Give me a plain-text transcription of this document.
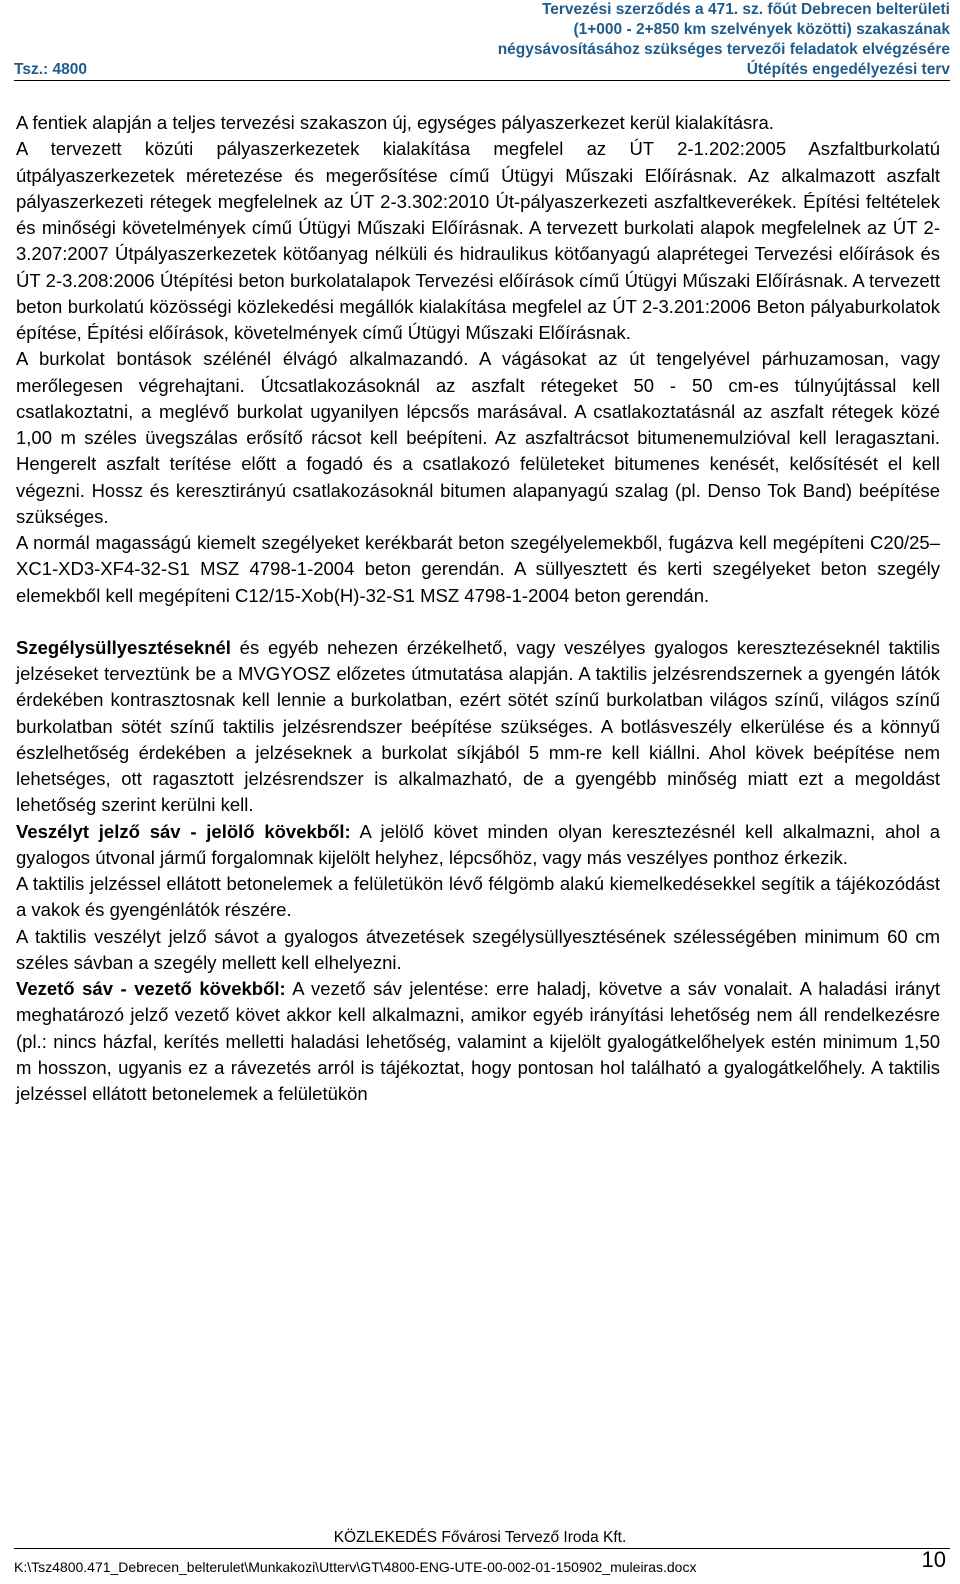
Tervezési szerződés a 471. sz. főút Debrecen belterületi
(1+000 - 2+850 km szelvények közötti) szakaszának
négysávosításához szükséges tervezői feladatok elvégzésére
Útépítés engedélyezési terv
Tsz.: 4800

A fentiek alapján a teljes tervezési szakaszon új, egységes pályaszerkezet kerül kialakításra.

A tervezett közúti pályaszerkezetek kialakítása megfelel az ÚT 2-1.202:2005 Aszfaltburkolatú útpályaszerkezetek méretezése és megerősítése című Útügyi Műszaki Előírásnak. Az alkalmazott aszfalt pályaszerkezeti rétegek megfelelnek az ÚT 2-3.302:2010 Út-pályaszerkezeti aszfaltkeverékek. Építési feltételek és minőségi követelmények című Útügyi Műszaki Előírásnak. A tervezett burkolati alapok megfelelnek az ÚT 2-3.207:2007 Útpályaszerkezetek kötőanyag nélküli és hidraulikus kötőanyagú alaprétegei Tervezési előírások és ÚT 2-3.208:2006 Útépítési beton burkolatalapok Tervezési előírások című Útügyi Műszaki Előírásnak. A tervezett beton burkolatú közösségi közlekedési megállók kialakítása megfelel az ÚT 2-3.201:2006 Beton pályaburkolatok építése, Építési előírások, követelmények című Útügyi Műszaki Előírásnak.

A burkolat bontások szélénél élvágó alkalmazandó. A vágásokat az út tengelyével párhuzamosan, vagy merőlegesen végrehajtani. Útcsatlakozásoknál az aszfalt rétegeket 50 - 50 cm-es túlnyújtással kell csatlakoztatni, a meglévő burkolat ugyanilyen lépcsős marásával. A csatlakoztatásnál az aszfalt rétegek közé 1,00 m széles üvegszálas erősítő rácsot kell beépíteni. Az aszfaltrácsot bitumenemulzióval kell leragasztani. Hengerelt aszfalt terítése előtt a fogadó és a csatlakozó felületeket bitumenes kenését, kelősítését el kell végezni. Hossz és keresztirányú csatlakozásoknál bitumen alapanyagú szalag (pl. Denso Tok Band) beépítése szükséges.

A normál magasságú kiemelt szegélyeket kerékbarát beton szegélyelemekből, fugázva kell megépíteni C20/25–XC1-XD3-XF4-32-S1 MSZ 4798-1-2004 beton gerendán. A süllyesztett és kerti szegélyeket beton szegély elemekből kell megépíteni C12/15-Xob(H)-32-S1 MSZ 4798-1-2004 beton gerendán.

Szegélysüllyesztéseknél és egyéb nehezen érzékelhető, vagy veszélyes gyalogos keresztezéseknél taktilis jelzéseket terveztünk be a MVGYOSZ előzetes útmutatása alapján. A taktilis jelzésrendszernek a gyengén látók érdekében kontrasztosnak kell lennie a burkolatban, ezért sötét színű burkolatban világos színű, világos színű burkolatban sötét színű taktilis jelzésrendszer beépítése szükséges. A botlásveszély elkerülése és a könnyű észlelhetőség érdekében a jelzéseknek a burkolat síkjából 5 mm-re kell kiállni. Ahol kövek beépítése nem lehetséges, ott ragasztott jelzésrendszer is alkalmazható, de a gyengébb minőség miatt ezt a megoldást lehetőség szerint kerülni kell.

Veszélyt jelző sáv - jelölő kövekből: A jelölő követ minden olyan keresztezésnél kell alkalmazni, ahol a gyalogos útvonal jármű forgalomnak kijelölt helyhez, lépcsőhöz, vagy más veszélyes ponthoz érkezik.

A taktilis jelzéssel ellátott betonelemek a felületükön lévő félgömb alakú kiemelkedésekkel segítik a tájékozódást a vakok és gyengénlátók részére.

A taktilis veszélyt jelző sávot a gyalogos átvezetések szegélysüllyesztésének szélességében minimum 60 cm széles sávban a szegély mellett kell elhelyezni.

Vezető sáv - vezető kövekből: A vezető sáv jelentése: erre haladj, követve a sáv vonalait. A haladási irányt meghatározó jelző vezető követ akkor kell alkalmazni, amikor egyéb irányítási lehetőség nem áll rendelkezésre (pl.: nincs házfal, kerítés melletti haladási lehetőség, valamint a kijelölt gyalogátkelőhelyek estén minimum 1,50 m hosszon, ugyanis ez a rávezetés arról is tájékoztat, hogy pontosan hol található a gyalogátkelőhely. A taktilis jelzéssel ellátott betonelemek a felületükön

KÖZLEKEDÉS Fővárosi Tervező Iroda Kft.
K:\Tsz4800.471_Debrecen_belterulet\Munkakozi\Utterv\GT\4800-ENG-UTE-00-002-01-150902_muleiras.docx	10
